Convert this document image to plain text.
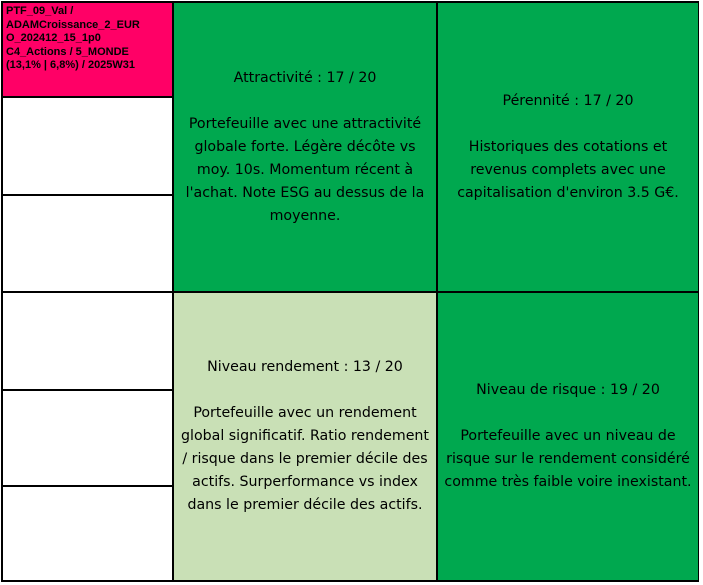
PTF_09_Val /
ADAMCroissance_2_EUR
O_202412_15_1p0
C4_Actions / 5_MONDE
(13,1% | 6,8%) / 2025W31
Attractivité : 17 / 20
Portefeuille avec une attractivité globale forte. Légère décôte vs moy. 10s. Momentum récent à l'achat. Note ESG au dessus de la moyenne.
Pérennité : 17 / 20
Historiques des cotations et revenus complets avec une capitalisation d'environ 3.5 G€.
Niveau rendement : 13 / 20
Portefeuille avec un rendement global significatif. Ratio rendement / risque dans le premier décile des actifs. Surperformance vs index dans le premier décile des actifs.
Niveau de risque : 19 / 20
Portefeuille avec un niveau de risque sur le rendement considéré comme très faible voire inexistant.
